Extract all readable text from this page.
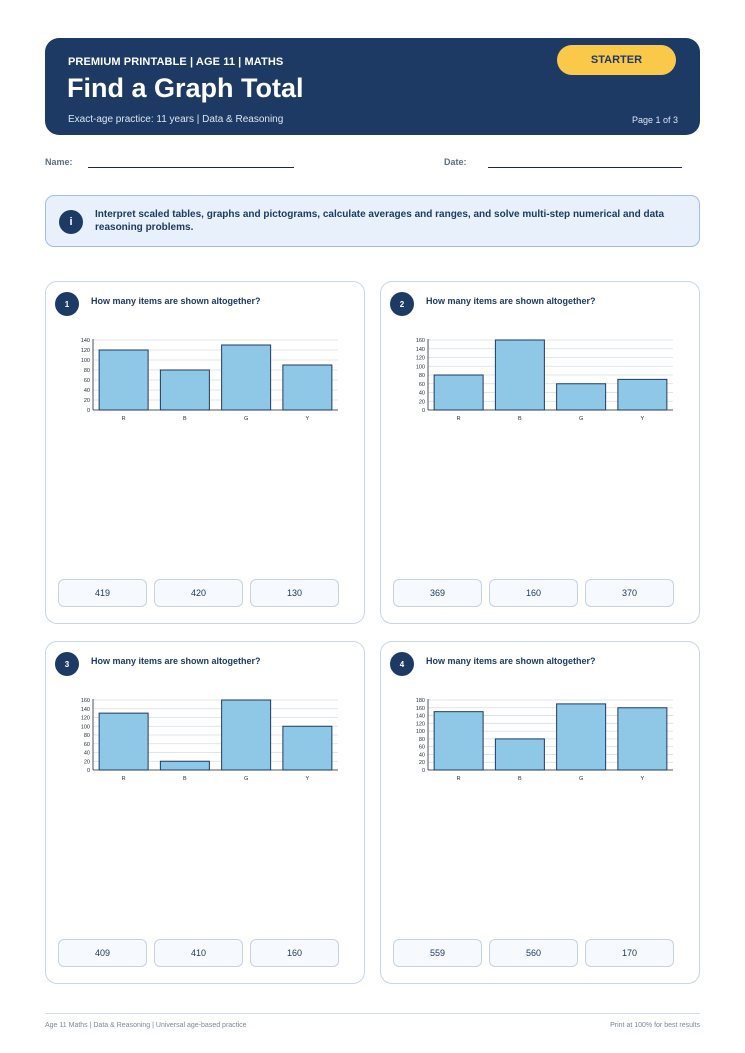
PREMIUM PRINTABLE | AGE 11 | MATHS
Find a Graph Total
Exact-age practice: 11 years | Data & Reasoning	Page 1 of 3
STARTER
Name:	Date:
i
Interpret scaled tables, graphs and pictograms, calculate averages and ranges, and solve multi-step numerical and data reasoning problems.
1	How many items are shown altogether?
0
20
40
60
80
100
120
140
R	B	G	Y
419	420	130
2	How many items are shown altogether?
0
20
40
60
80
100
120
140
160
R	B	G	Y
369	160	370
3	How many items are shown altogether?
0
20
40
60
80
100
120
140
160
R	B	G	Y
409	410	160
4	How many items are shown altogether?
0
20
40
60
80
100
120
140
160
180
R	B	G	Y
559	560	170
Age 11 Maths | Data & Reasoning | Universal age-based practice	Print at 100% for best results
